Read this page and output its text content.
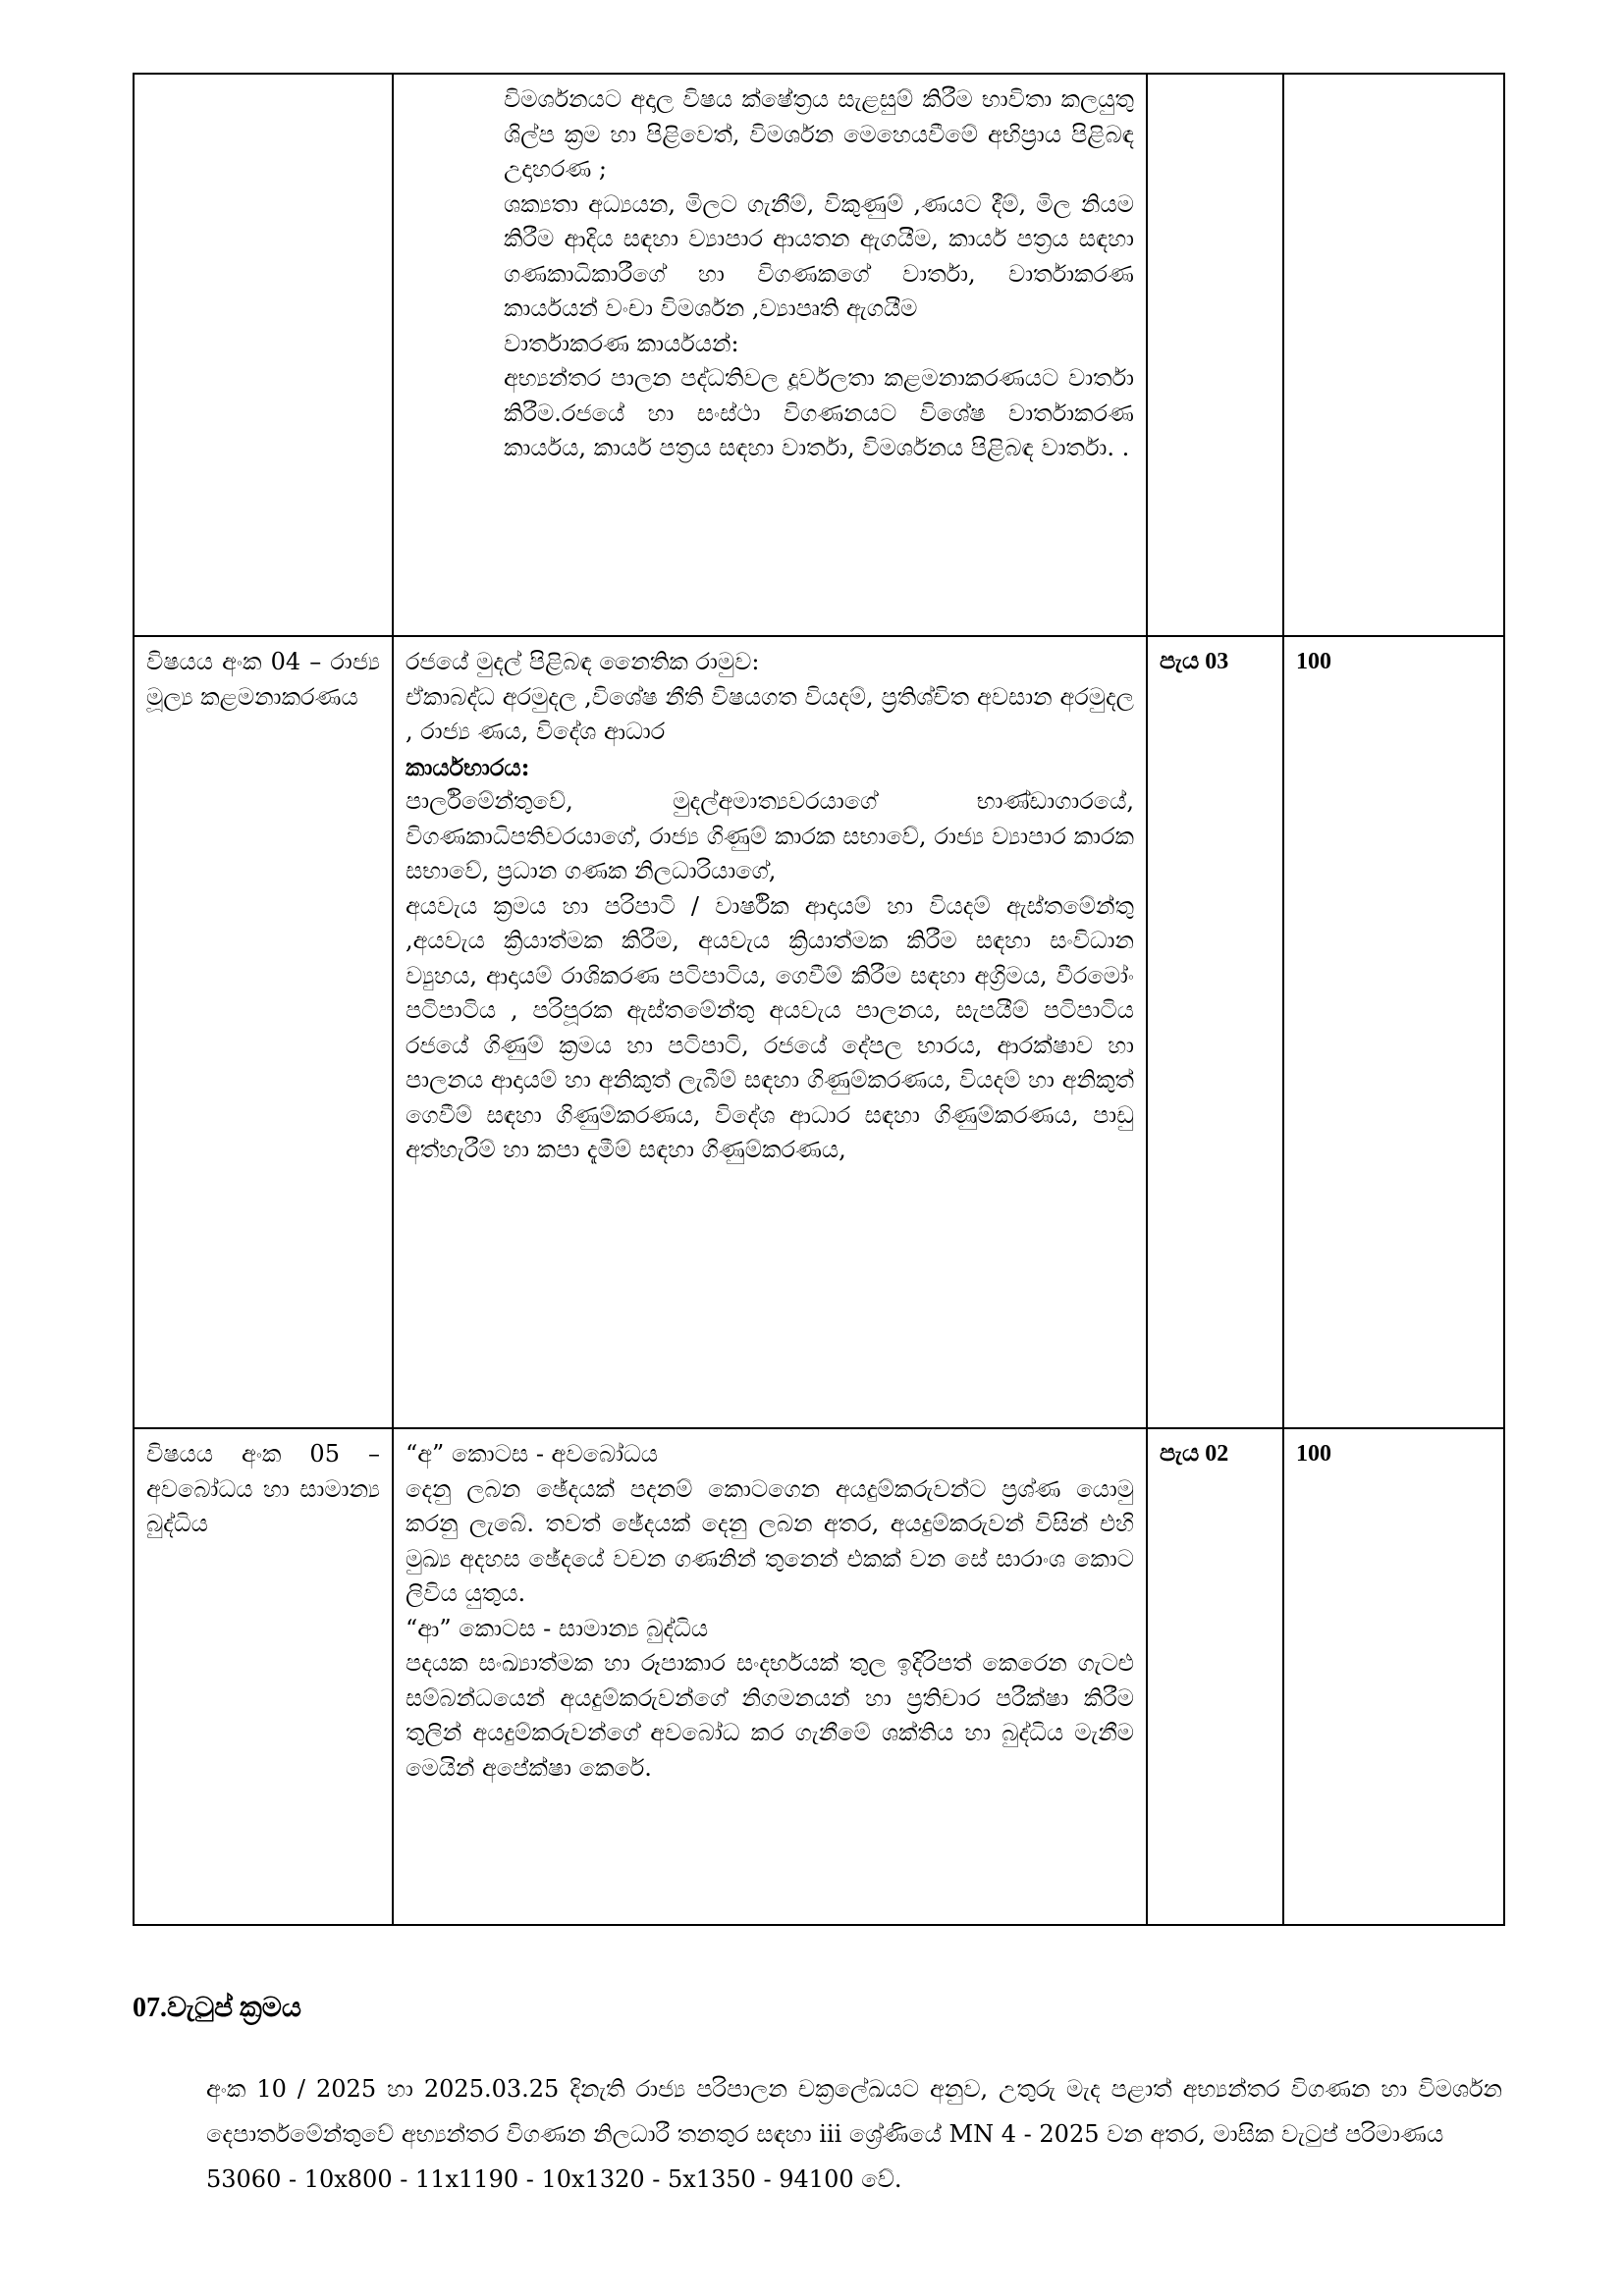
	විමර්ශනයට අදාල විෂය ක්ෂේත්‍රය සැළසුම් කිරීම භාවිතා කලයුතු ශිල්ප ක්‍රම හා පිළිවෙත්, විමර්ශන මෙහෙයවීමේ අභිප්‍රාය පිළිබඳ උදාහරණ ;

ශක්‍යතා අධ්‍යයන, මිලට ගැනීම්, විකුණුම් ,ණයට දීම්, මිල නියම කිරීම ආදිය සඳහා ව්‍යාපාර ආයතන ඇගයීම, කාර්ය පත්‍රය සඳහා ගණකාධිකාරීගේ හා විගණකගේ වාර්තා, වාර්තාකරණ කාර්යයන් වංචා විමර්ශන ,ව්‍යාපෘති ඇගයීම

වාර්තාකරණ කාර්යයන්:

අභ්‍යන්තර පාලන පද්ධතිවල දූර්වලතා කළමනාකරණයට වාර්තා කිරීම.රජයේ හා සංස්ථා විගණනයට විශේෂ වාර්තාකරණ කාර්යය, කාර්ය පත්‍රය සඳහා වාර්තා, විමර්ශනය පිළිබඳ වාර්තා. .		

විෂයය අංක 04 – රාජ්‍ය මූල්‍ය කළමනාකරණය	රජයේ මුදල් පිළිබඳ නෛතික රාමුව:

ඒකාබද්ධ අරමුදල ,විශේෂ නීති විෂයගත වියදම්, ප්‍රතිශ්චිත අවසාන අරමුදල , රාජ්‍ය ණය, විදේශ ආධාර

කාර්යභාරය:

පාර්ලිමේන්තුවේ, මුදල්අමාත්‍යවරයාගේ භාණ්ඩාගාරයේ, විගණකාධිපතිවරයාගේ, රාජ්‍ය ගිණුම් කාරක සභාවේ, රාජ්‍ය ව්‍යාපාර කාරක සභාවේ, ප්‍රධාන ගණක නිලධාරියාගේ,

අයවැය ක්‍රමය හා පරිපාටි / වාර්ෂික ආදායම් හා වියදම් ඇස්තමේන්තු ,අයවැය ක්‍රියාත්මක කිරීම, අයවැය ක්‍රියාත්මක කිරීම සඳහා සංවිධාන ව්‍යුහය, ආදායම් රාශිකරණ පටිපාටිය, ගෙවීම් කිරීම සඳහා අග්‍රිමය, වීරමෝං පටිපාටිය , පරිපූරක ඇස්තමේන්තු අයවැය පාලනය, සැපයීම් පටිපාටිය රජයේ ගිණුම් ක්‍රමය හා පටිපාටි, රජයේ දේපල භාරය, ආරක්ෂාව හා පාලනය ආදායම් හා අනිකුත් ලැබීම් සඳහා ගිණුම්කරණය, වියදම් හා අනිකුත් ගෙවීම් සඳහා ගිණුම්කරණය, විදේශ ආධාර සඳහා ගිණුම්කරණය, පාඩු අත්හැරීම් හා කපා දැමීම් සඳහා ගිණුම්කරණය,	පැය 03	100
විෂයය අංක 05 – අවබෝධය හා සාමාන්‍ය බුද්ධිය	“අ” කොටස - අවබෝධය

දෙනු ලබන ඡේදයක් පදනම් කොටගෙන අයදුම්කරුවන්ට ප්‍රශ්ණ යොමු කරනු ලැබේ. තවත් ඡේදයක් දෙනු ලබන අතර, අයදුම්කරුවන් විසින් එහි මුඛ්‍ය අදහස ඡේදයේ වචන ගණනින් තුනෙන් එකක් වන සේ සාරාංශ කොට ලිවිය යුතුය.

“ආ” කොටස - සාමාන්‍ය බුද්ධිය

පදයක සංඛ්‍යාත්මක හා රූපාකාර සංදර්භයක් තුල ඉදිරිපත් කෙරෙන ගැටළු සම්බන්ධයෙන් අයදුම්කරුවන්ගේ නිගමනයන් හා ප්‍රතිචාර පරීක්ෂා කිරීම තුලින් අයදුම්කරුවන්ගේ අවබෝධ කර ගැනීමේ ශක්තිය හා බුද්ධිය මැනීම මෙයින් අපේක්ෂා කෙරේ.	පැය 02	100
07.වැටුප් ක්‍රමය

අංක 10 / 2025 හා 2025.03.25 දිනැති රාජ්‍ය පරිපාලන චක්‍රලේඛයට අනුව, උතුරු මැද පළාත් අභ්‍යන්තර විගණන හා විමර්ශන දෙපාර්තමේන්තුවේ අභ්‍යන්තර විගණන නිලධාරී තනතුර සඳහා iii ශ්‍රේණියේ MN 4 - 2025 වන අතර, මාසික වැටුප් පරිමාණය

53060 - 10x800 - 11x1190 - 10x1320 - 5x1350 - 94100 වේ.
